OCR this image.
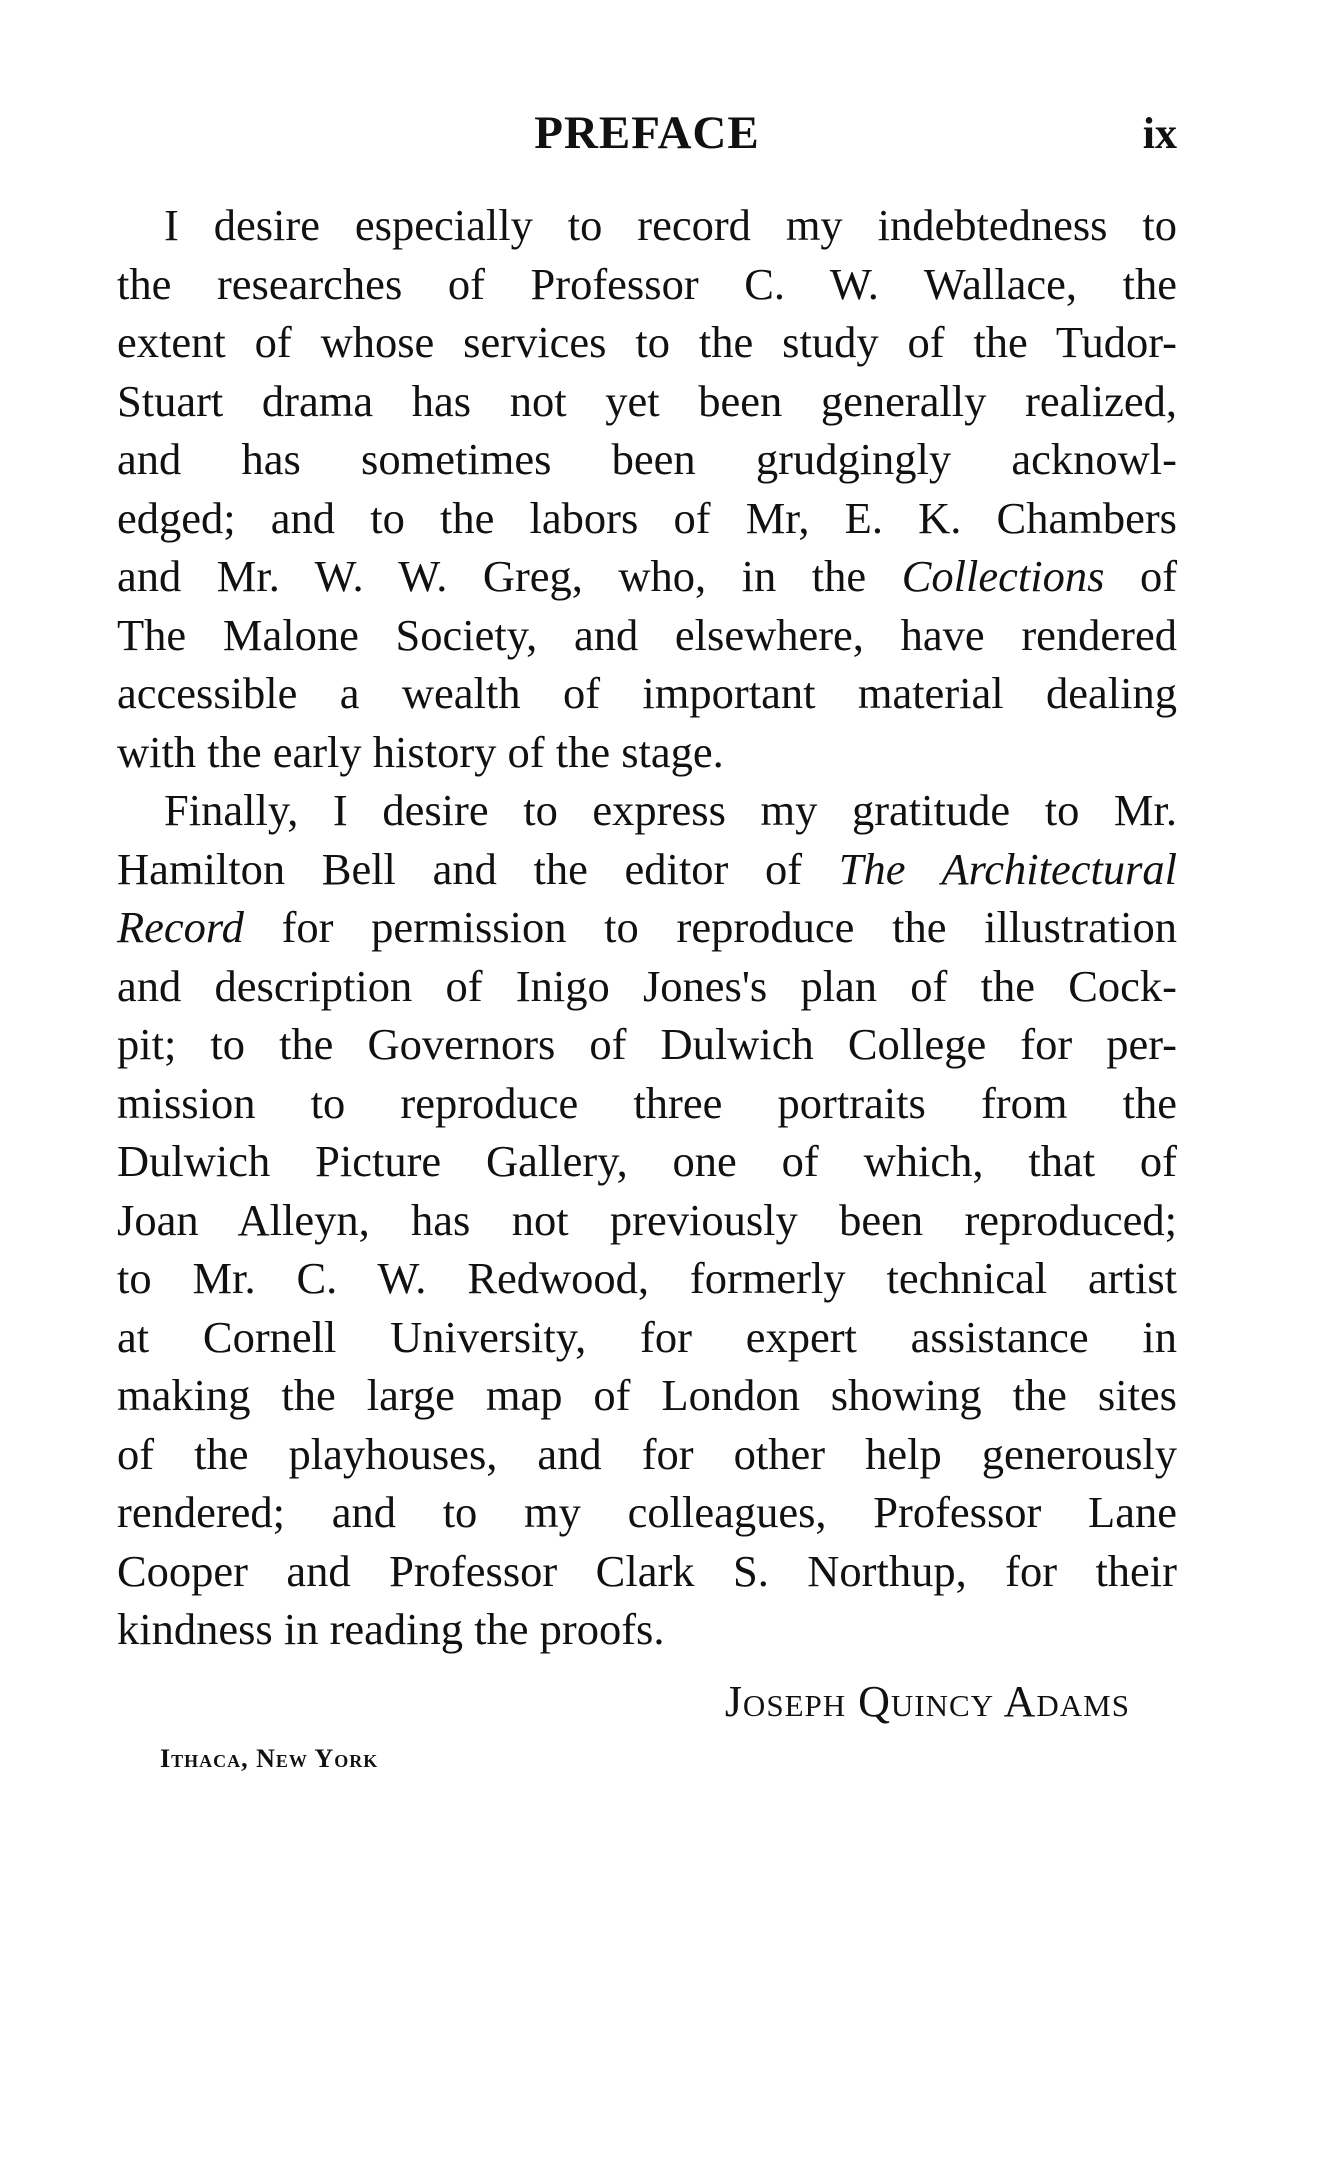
PREFACE	ix
I desire especially to record my indebtedness to
the researches of Professor C. W. Wallace, the
extent of whose services to the study of the Tudor-
Stuart drama has not yet been generally realized,
and has sometimes been grudgingly acknowl-
edged; and to the labors of Mr, E. K. Chambers
and Mr. W. W. Greg, who, in the Collections of
The Malone Society, and elsewhere, have rendered
accessible a wealth of important material dealing
with the early history of the stage.
Finally, I desire to express my gratitude to Mr.
Hamilton Bell and the editor of The Architectural
Record for permission to reproduce the illustration
and description of Inigo Jones's plan of the Cock-
pit; to the Governors of Dulwich College for per-
mission to reproduce three portraits from the
Dulwich Picture Gallery, one of which, that of
Joan Alleyn, has not previously been reproduced;
to Mr. C. W. Redwood, formerly technical artist
at Cornell University, for expert assistance in
making the large map of London showing the sites
of the playhouses, and for other help generously
rendered; and to my colleagues, Professor Lane
Cooper and Professor Clark S. Northup, for their
kindness in reading the proofs.
Joseph Quincy Adams
Ithaca, New York
